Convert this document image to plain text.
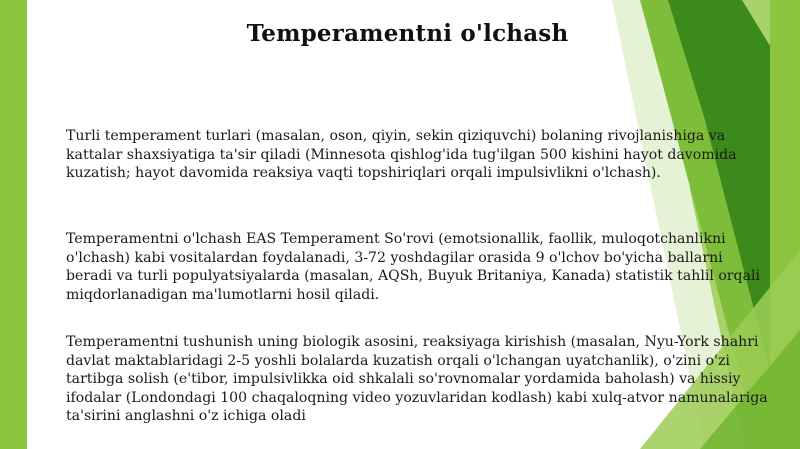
Temperamentni o'lchash
Turli temperament turlari (masalan, oson, qiyin, sekin qiziquvchi) bolaning rivojlanishiga va kattalar shaxsiyatiga ta'sir qiladi (Minnesota qishlog'ida tug'ilgan 500 kishini hayot davomida kuzatish; hayot davomida reaksiya vaqti topshiriqlari orqali impulsivlikni o'lchash).
Temperamentni o'lchash EAS Temperament So'rovi (emotsionallik, faollik, muloqotchanlikni o'lchash) kabi vositalardan foydalanadi, 3-72 yoshdagilar orasida 9 o'lchov bo'yicha ballarni beradi va turli populyatsiyalarda (masalan, AQSh, Buyuk Britaniya, Kanada) statistik tahlil orqali miqdorlanadigan ma'lumotlarni hosil qiladi.
Temperamentni tushunish uning biologik asosini, reaksiyaga kirishish (masalan, Nyu-York shahri davlat maktablaridagi 2-5 yoshli bolalarda kuzatish orqali o'lchangan uyatchanlik), o'zini o'zi tartibga solish (e'tibor, impulsivlikka oid shkalali so'rovnomalar yordamida baholash) va hissiy ifodalar (Londondagi 100 chaqaloqning video yozuvlaridan kodlash) kabi xulq-atvor namunalariga ta'sirini anglashni o'z ichiga oladi
